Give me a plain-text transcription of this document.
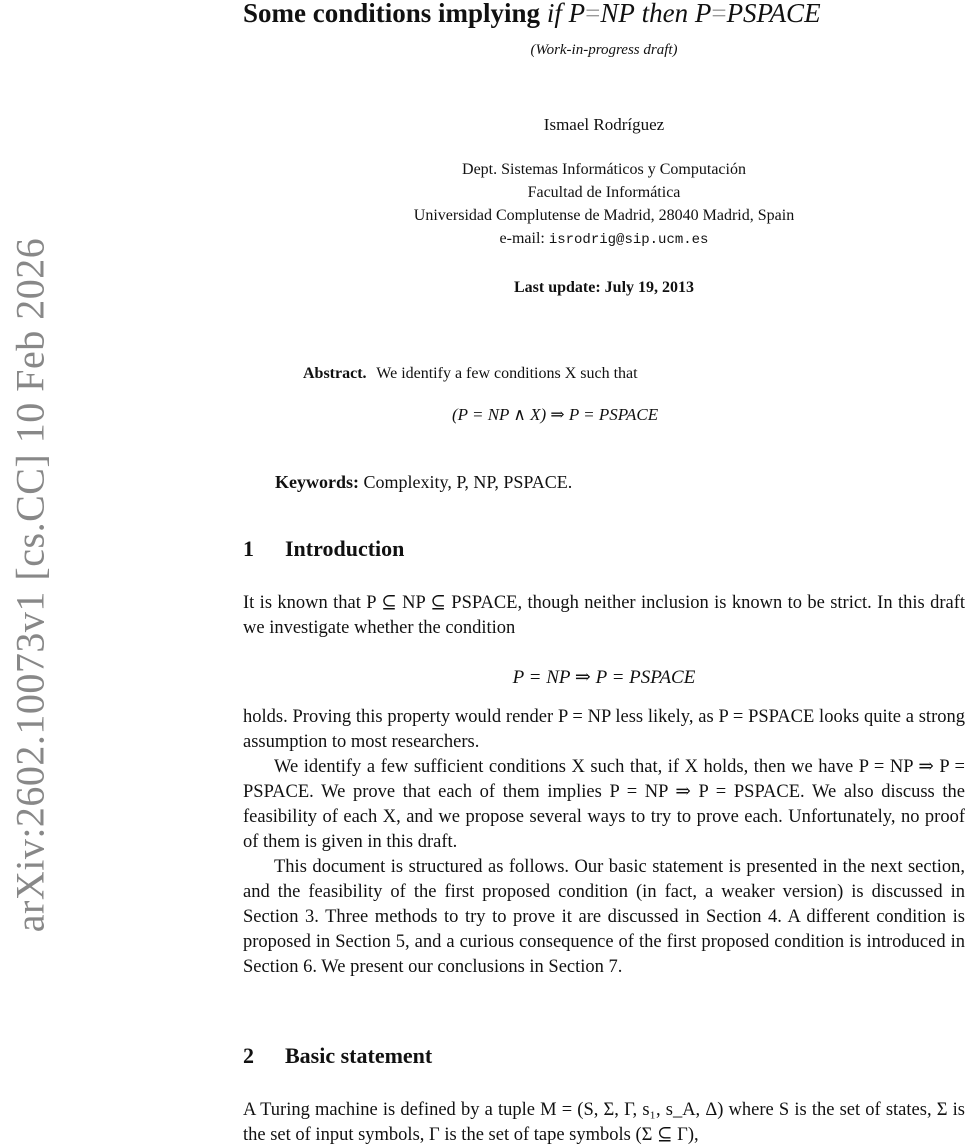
arXiv:2602.10073v1 [cs.CC] 10 Feb 2026
Some conditions implying if P=NP then P=PSPACE
(Work-in-progress draft)
Ismael Rodríguez
Dept. Sistemas Informáticos y Computación
Facultad de Informática
Universidad Complutense de Madrid, 28040 Madrid, Spain
e-mail: isrodrig@sip.ucm.es
Last update: July 19, 2013
Abstract. We identify a few conditions X such that
(P = NP ∧ X) ⇒ P = PSPACE
Keywords: Complexity, P, NP, PSPACE.
1 Introduction
It is known that P ⊆ NP ⊆ PSPACE, though neither inclusion is known to be strict. In this draft we investigate whether the condition
P = NP ⇒ P = PSPACE
holds. Proving this property would render P = NP less likely, as P = PSPACE looks quite a strong assumption to most researchers.
We identify a few sufficient conditions X such that, if X holds, then we have P = NP ⇒ P = PSPACE. We prove that each of them implies P = NP ⇒ P = PSPACE. We also discuss the feasibility of each X, and we propose several ways to try to prove each. Unfortunately, no proof of them is given in this draft.
This document is structured as follows. Our basic statement is presented in the next section, and the feasibility of the first proposed condition (in fact, a weaker version) is discussed in Section 3. Three methods to try to prove it are discussed in Section 4. A different condition is proposed in Section 5, and a curious consequence of the first proposed condition is introduced in Section 6. We present our conclusions in Section 7.
2 Basic statement
A Turing machine is defined by a tuple M = (S, Σ, Γ, s₁, s_A, Δ) where S is the set of states, Σ is the set of input symbols, Γ is the set of tape symbols (Σ ⊆ Γ),
